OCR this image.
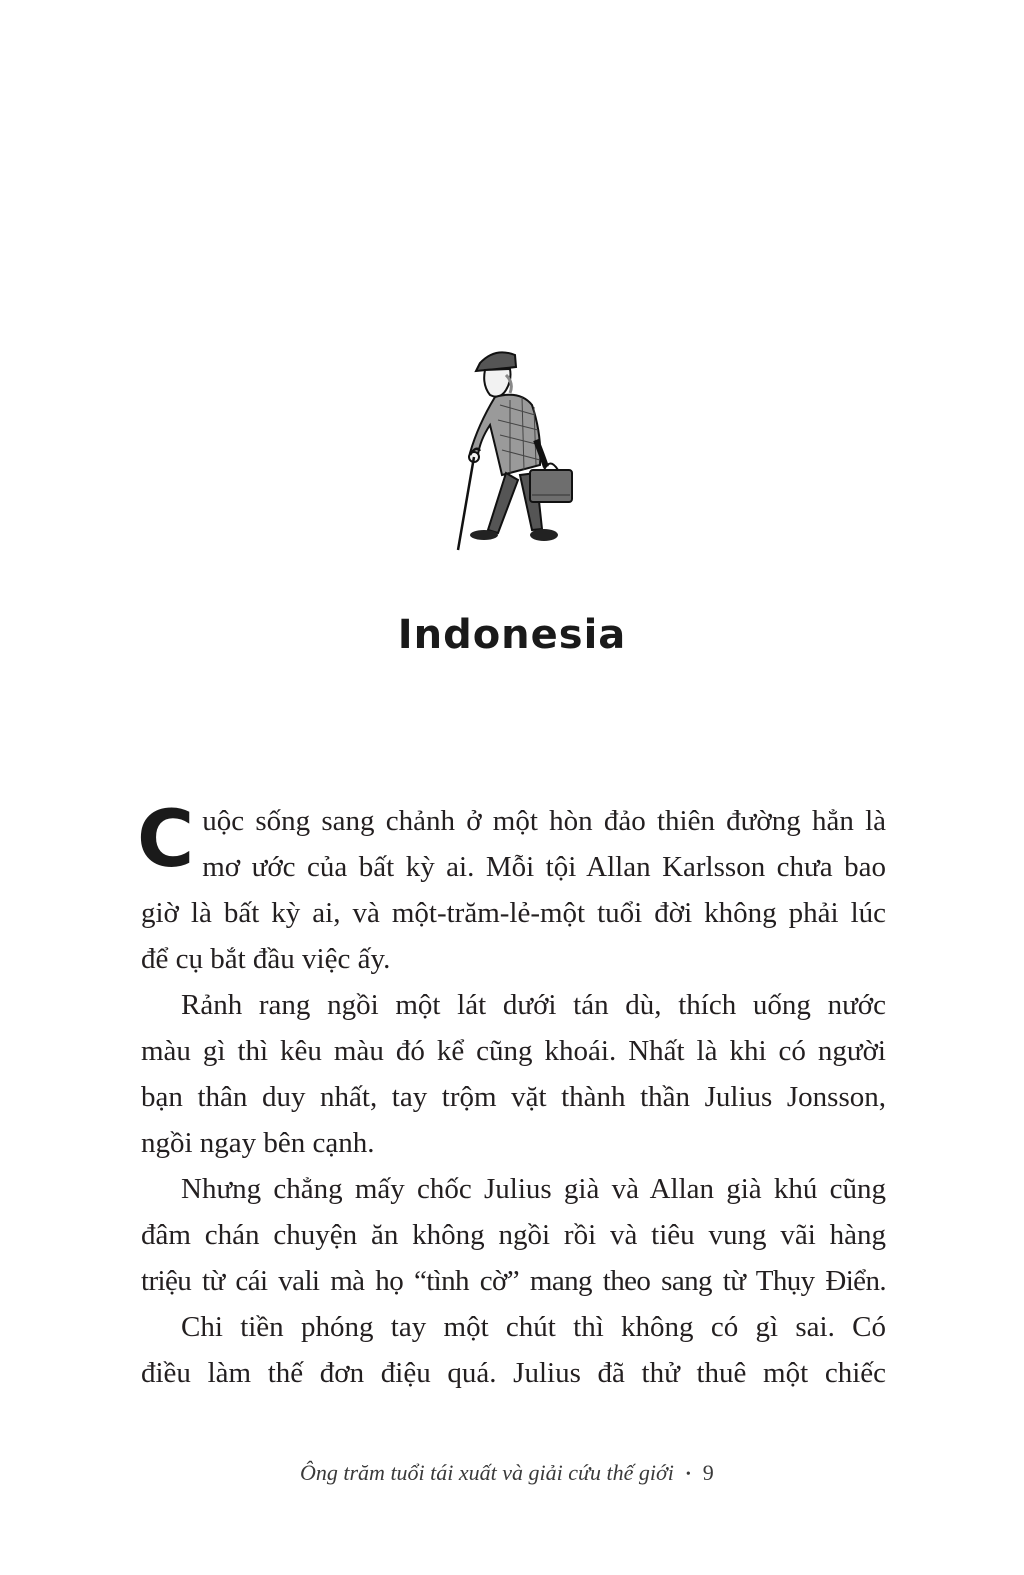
Indonesia

C uộc sống sang chảnh ở một hòn đảo thiên đường hẳn là
mơ ước của bất kỳ ai. Mỗi tội Allan Karlsson chưa bao
giờ là bất kỳ ai, và một-trăm-lẻ-một tuổi đời không phải lúc
để cụ bắt đầu việc ấy.

Rảnh rang ngồi một lát dưới tán dù, thích uống nước
màu gì thì kêu màu đó kể cũng khoái. Nhất là khi có người
bạn thân duy nhất, tay trộm vặt thành thần Julius Jonsson,
ngồi ngay bên cạnh.

Nhưng chẳng mấy chốc Julius già và Allan già khú cũng
đâm chán chuyện ăn không ngồi rồi và tiêu vung vãi hàng
triệu từ cái vali mà họ “tình cờ” mang theo sang từ Thụy Điển.

Chi tiền phóng tay một chút thì không có gì sai. Có
điều làm thế đơn điệu quá. Julius đã thử thuê một chiếc

Ông trăm tuổi tái xuất và giải cứu thế giới • 9
